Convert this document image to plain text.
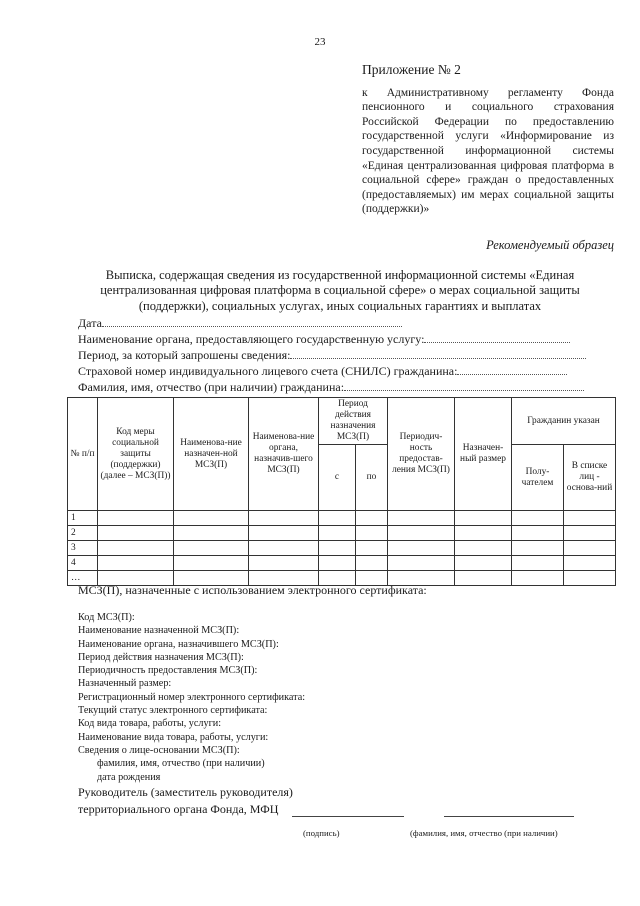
23
Приложение № 2
к Административному регламенту Фонда пенсионного и социального страхования Российской Федерации по предоставлению государственной услуги «Информирование из государственной информационной системы «Единая централизованная цифровая платформа в социальной сфере» граждан о предоставленных (предоставляемых) им мерах социальной защиты (поддержки)»
Рекомендуемый образец
Выписка, содержащая сведения из государственной информационной системы «Единая централизованная цифровая платформа в социальной сфере» о мерах социальной защиты (поддержки), социальных услугах, иных социальных гарантиях и выплатах
Дата
Наименование органа, предоставляющего государственную услугу:
Период, за который запрошены сведения:
Страховой номер индивидуального лицевого счета (СНИЛС) гражданина:
Фамилия, имя, отчество (при наличии) гражданина:
№ п/п	Код меры социальной защиты (поддержки) (далее – МСЗ(П))	Наименова-ние назначен-ной МСЗ(П)	Наименова-ние органа, назначив-шего МСЗ(П)	Период действия назначения МСЗ(П)		Периодич-ность предостав-ления МСЗ(П)	Назначен-ный размер	Гражданин указан	
				с	по			Полу-чателем	В списке лиц - основа-ний
1									
2									
3									
4									
…									
МСЗ(П), назначенные с использованием электронного сертификата:
Код МСЗ(П):
Наименование назначенной МСЗ(П):
Наименование органа, назначившего МСЗ(П):
Период действия назначения МСЗ(П):
Периодичность предоставления МСЗ(П):
Назначенный размер:
Регистрационный номер электронного сертификата:
Текущий статус электронного сертификата:
Код вида товара, работы, услуги:
Наименование вида товара, работы, услуги:
Сведения о лице-основании МСЗ(П):
фамилия, имя, отчество (при наличии)
дата рождения
Руководитель (заместитель руководителя)
территориального органа Фонда, МФЦ
(подпись)	(фамилия, имя, отчество (при наличии)
